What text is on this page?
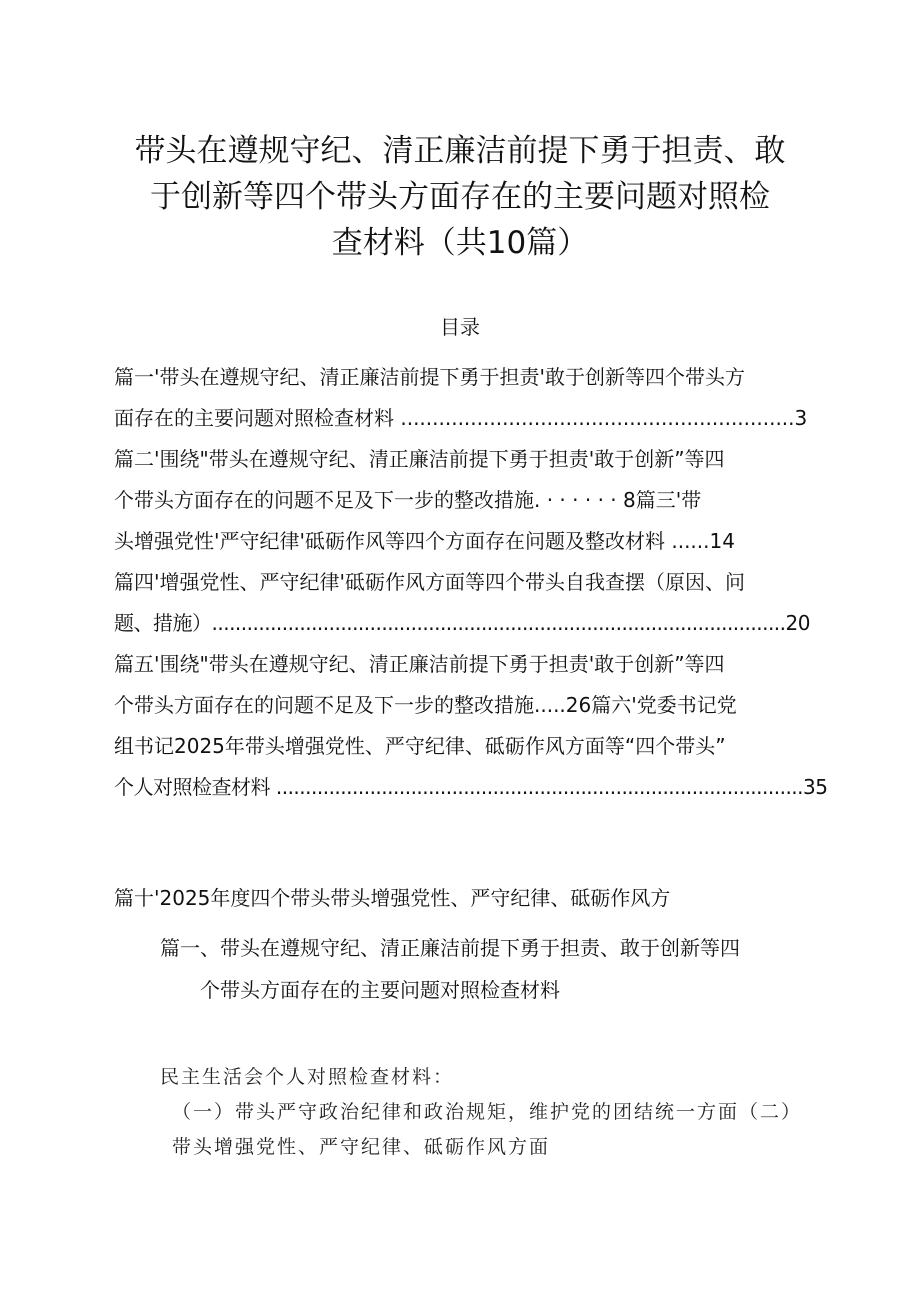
带头在遵规守纪、清正廉洁前提下勇于担责、敢
于创新等四个带头方面存在的主要问题对照检
查材料（共10篇）
目录
篇一'带头在遵规守纪、清正廉洁前提下勇于担责'敢于创新等四个带头方
面存在的主要问题对照检查材料 ..............................................................3
篇二'围绕"带头在遵规守纪、清正廉洁前提下勇于担责'敢于创新”等四
个带头方面存在的问题不足及下一步的整改措施. · · · · · · 8篇三'带
头增强党性'严守纪律'砥砺作风等四个方面存在问题及整改材料 ......14
篇四'增强党性、严守纪律'砥砺作风方面等四个带头自我查摆（原因、问
题、措施）..................................................................................................20
篇五'围绕"带头在遵规守纪、清正廉洁前提下勇于担责'敢于创新”等四
个带头方面存在的问题不足及下一步的整改措施.....26篇六'党委书记党
组书记2025年带头增强党性、严守纪律、砥砺作风方面等“四个带头”
个人对照检查材料 ..........................................................................................35
篇十'2025年度四个带头带头增强党性、严守纪律、砥砺作风方
篇一、带头在遵规守纪、清正廉洁前提下勇于担责、敢于创新等四
个带头方面存在的主要问题对照检查材料

民主生活会个人对照检查材料：

（一）带头严守政治纪律和政治规矩，维护党的团结统一方面（二）

带头增强党性、严守纪律、砥砺作风方面
